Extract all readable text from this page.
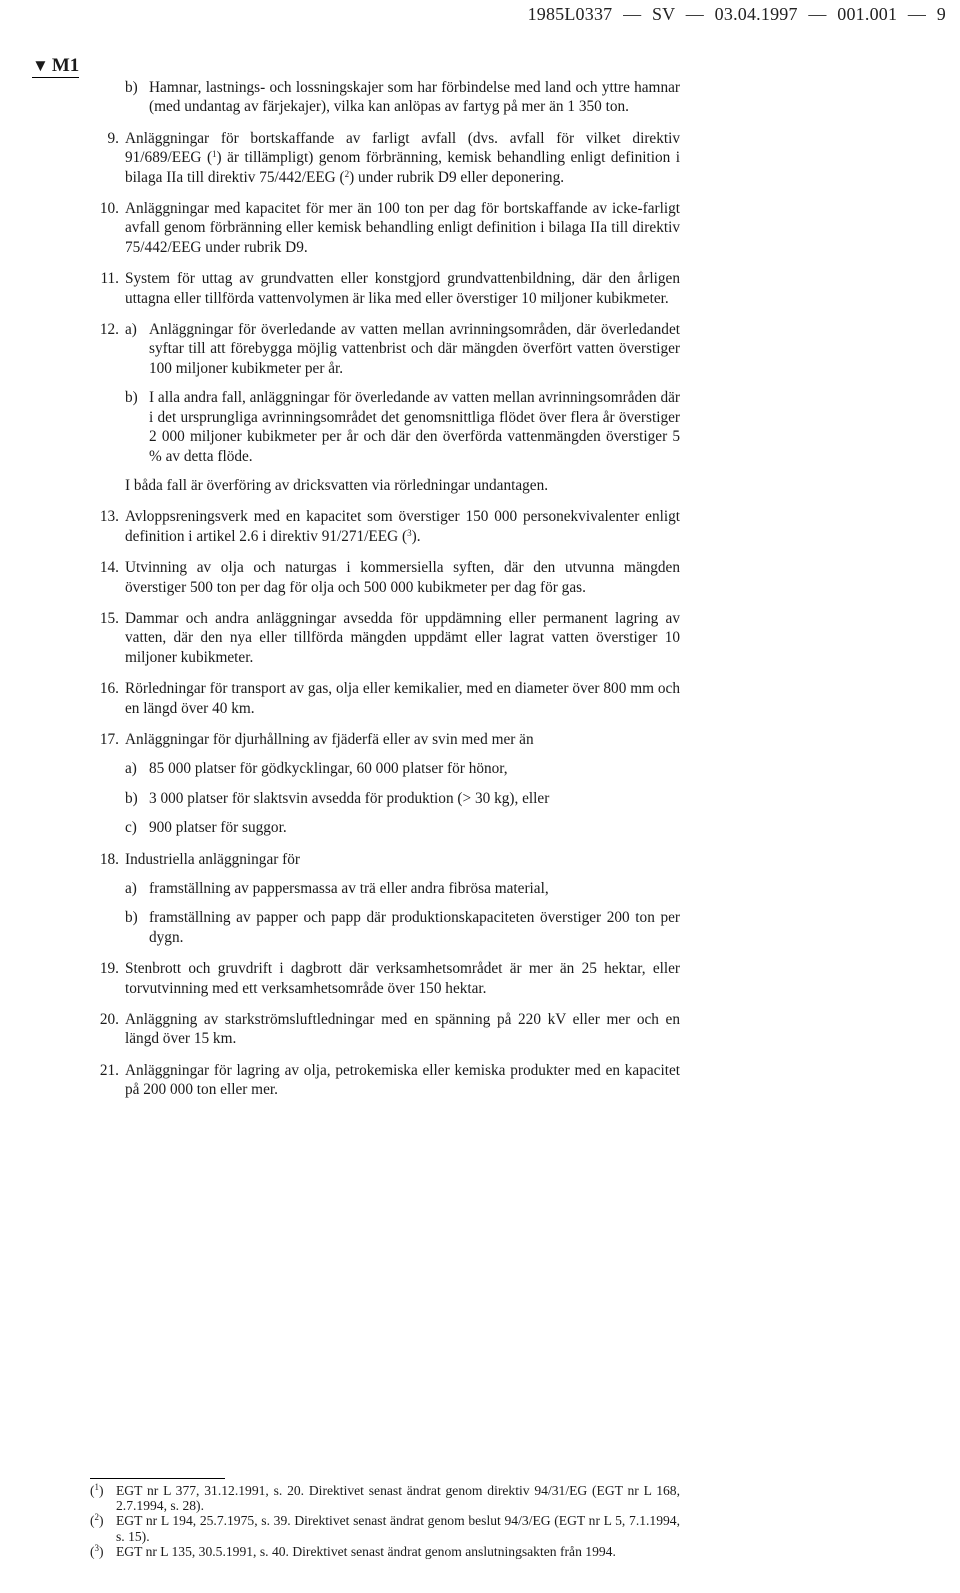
1985L0337 — SV — 03.04.1997 — 001.001 — 9
▼ M1
b) Hamnar, lastnings- och lossningskajer som har förbindelse med land och yttre hamnar (med undantag av färjekajer), vilka kan anlöpas av fartyg på mer än 1 350 ton.
9. Anläggningar för bortskaffande av farligt avfall (dvs. avfall för vilket direktiv 91/689/EEG ($^1$) är tillämpligt) genom förbränning, kemisk behandling enligt definition i bilaga IIa till direktiv 75/442/EEG ($^2$) under rubrik D9 eller deponering.
10. Anläggningar med kapacitet för mer än 100 ton per dag för bortskaffande av icke-farligt avfall genom förbränning eller kemisk behandling enligt definition i bilaga IIa till direktiv 75/442/EEG under rubrik D9.
11. System för uttag av grundvatten eller konstgjord grundvattenbildning, där den årligen uttagna eller tillförda vattenvolymen är lika med eller överstiger 10 miljoner kubikmeter.
12. a) Anläggningar för överledande av vatten mellan avrinningsområden, där överledandet syftar till att förebygga möjlig vattenbrist och där mängden överfört vatten överstiger 100 miljoner kubikmeter per år.
b) I alla andra fall, anläggningar för överledande av vatten mellan avrinningsområden där i det ursprungliga avrinningsområdet det genomsnittliga flödet över flera år överstiger 2 000 miljoner kubikmeter per år och där den överförda vattenmängden överstiger 5 % av detta flöde.
I båda fall är överföring av dricksvatten via rörledningar undantagen.
13. Avloppsreningsverk med en kapacitet som överstiger 150 000 personekvivalenter enligt definition i artikel 2.6 i direktiv 91/271/EEG ($^3$).
14. Utvinning av olja och naturgas i kommersiella syften, där den utvunna mängden överstiger 500 ton per dag för olja och 500 000 kubikmeter per dag för gas.
15. Dammar och andra anläggningar avsedda för uppdämning eller permanent lagring av vatten, där den nya eller tillförda mängden uppdämt eller lagrat vatten överstiger 10 miljoner kubikmeter.
16. Rörledningar för transport av gas, olja eller kemikalier, med en diameter över 800 mm och en längd över 40 km.
17. Anläggningar för djurhållning av fjäderfä eller av svin med mer än
a) 85 000 platser för gödkycklingar, 60 000 platser för hönor,
b) 3 000 platser för slaktsvin avsedda för produktion (> 30 kg), eller
c) 900 platser för suggor.
18. Industriella anläggningar för
a) framställning av pappersmassa av trä eller andra fibrösa material,
b) framställning av papper och papp där produktionskapaciteten överstiger 200 ton per dygn.
19. Stenbrott och gruvdrift i dagbrott där verksamhetsområdet är mer än 25 hektar, eller torvutvinning med ett verksamhetsområde över 150 hektar.
20. Anläggning av starkströmsluftledningar med en spänning på 220 kV eller mer och en längd över 15 km.
21. Anläggningar för lagring av olja, petrokemiska eller kemiska produkter med en kapacitet på 200 000 ton eller mer.
($^1$) EGT nr L 377, 31.12.1991, s. 20. Direktivet senast ändrat genom direktiv 94/31/EG (EGT nr L 168, 2.7.1994, s. 28).
($^2$) EGT nr L 194, 25.7.1975, s. 39. Direktivet senast ändrat genom beslut 94/3/EG (EGT nr L 5, 7.1.1994, s. 15).
($^3$) EGT nr L 135, 30.5.1991, s. 40. Direktivet senast ändrat genom anslutningsakten från 1994.
